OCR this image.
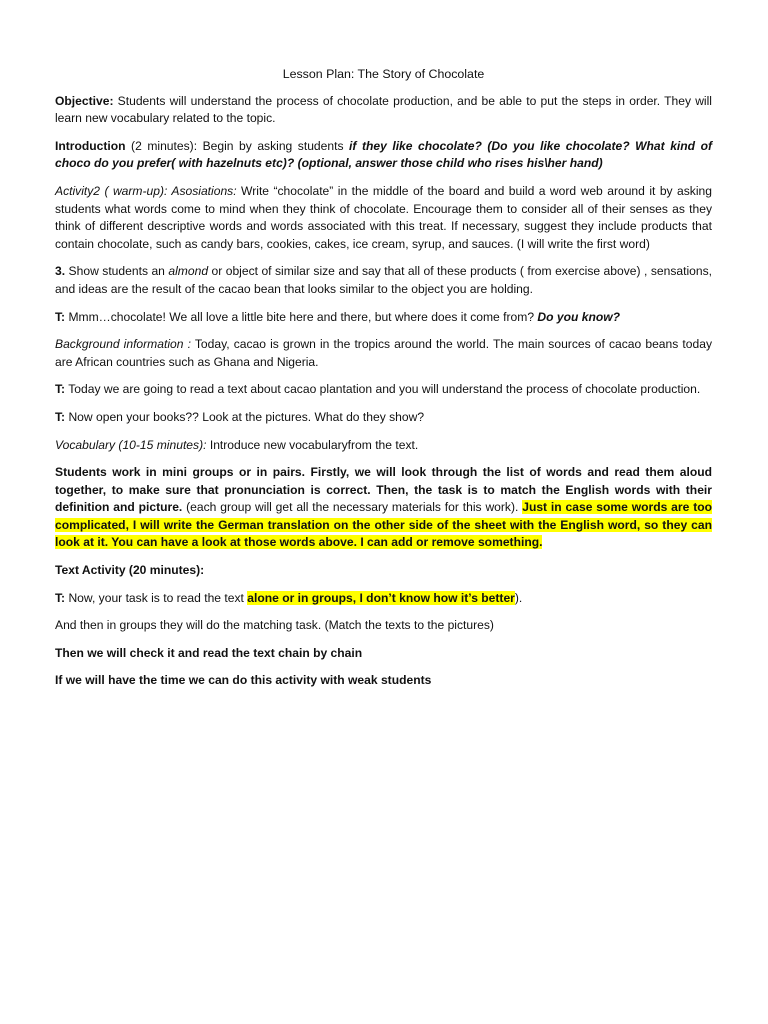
Lesson Plan: The Story of Chocolate

Objective: Students will understand the process of chocolate production, and be able to put the steps in order. They will learn new vocabulary related to the topic.

Introduction (2 minutes): Begin by asking students if they like chocolate? (Do you like chocolate? What kind of choco do you prefer( with hazelnuts etc)? (optional, answer those child who rises his\her hand)

Activity2 ( warm-up): Asosiations: Write “chocolate” in the middle of the board and build a word web around it by asking students what words come to mind when they think of chocolate. Encourage them to consider all of their senses as they think of different descriptive words and words associated with this treat. If necessary, suggest they include products that contain chocolate, such as candy bars, cookies, cakes, ice cream, syrup, and sauces. (I will write the first word)

3. Show students an almond or object of similar size and say that all of these products ( from exercise above) , sensations, and ideas are the result of the cacao bean that looks similar to the object you are holding.

T: Mmm…chocolate! We all love a little bite here and there, but where does it come from? Do you know?

Background information : Today, cacao is grown in the tropics around the world. The main sources of cacao beans today are African countries such as Ghana and Nigeria.

T: Today we are going to read a text about cacao plantation and you will understand the process of chocolate production.

T: Now open your books?? Look at the pictures. What do they show?

Vocabulary (10-15 minutes): Introduce new vocabularyfrom the text.

Students work in mini groups or in pairs. Firstly, we will look through the list of words and read them aloud together, to make sure that pronunciation is correct. Then, the task is to match the English words with their definition and picture. (each group will get all the necessary materials for this work). Just in case some words are too complicated, I will write the German translation on the other side of the sheet with the English word, so they can look at it. You can have a look at those words above. I can add or remove something.

Text Activity (20 minutes):

T: Now, your task is to read the text alone or in groups, I don’t know how it’s better).

And then in groups they will do the matching task. (Match the texts to the pictures)

Then we will check it and read the text chain by chain

If we will have the time we can do this activity with weak students
